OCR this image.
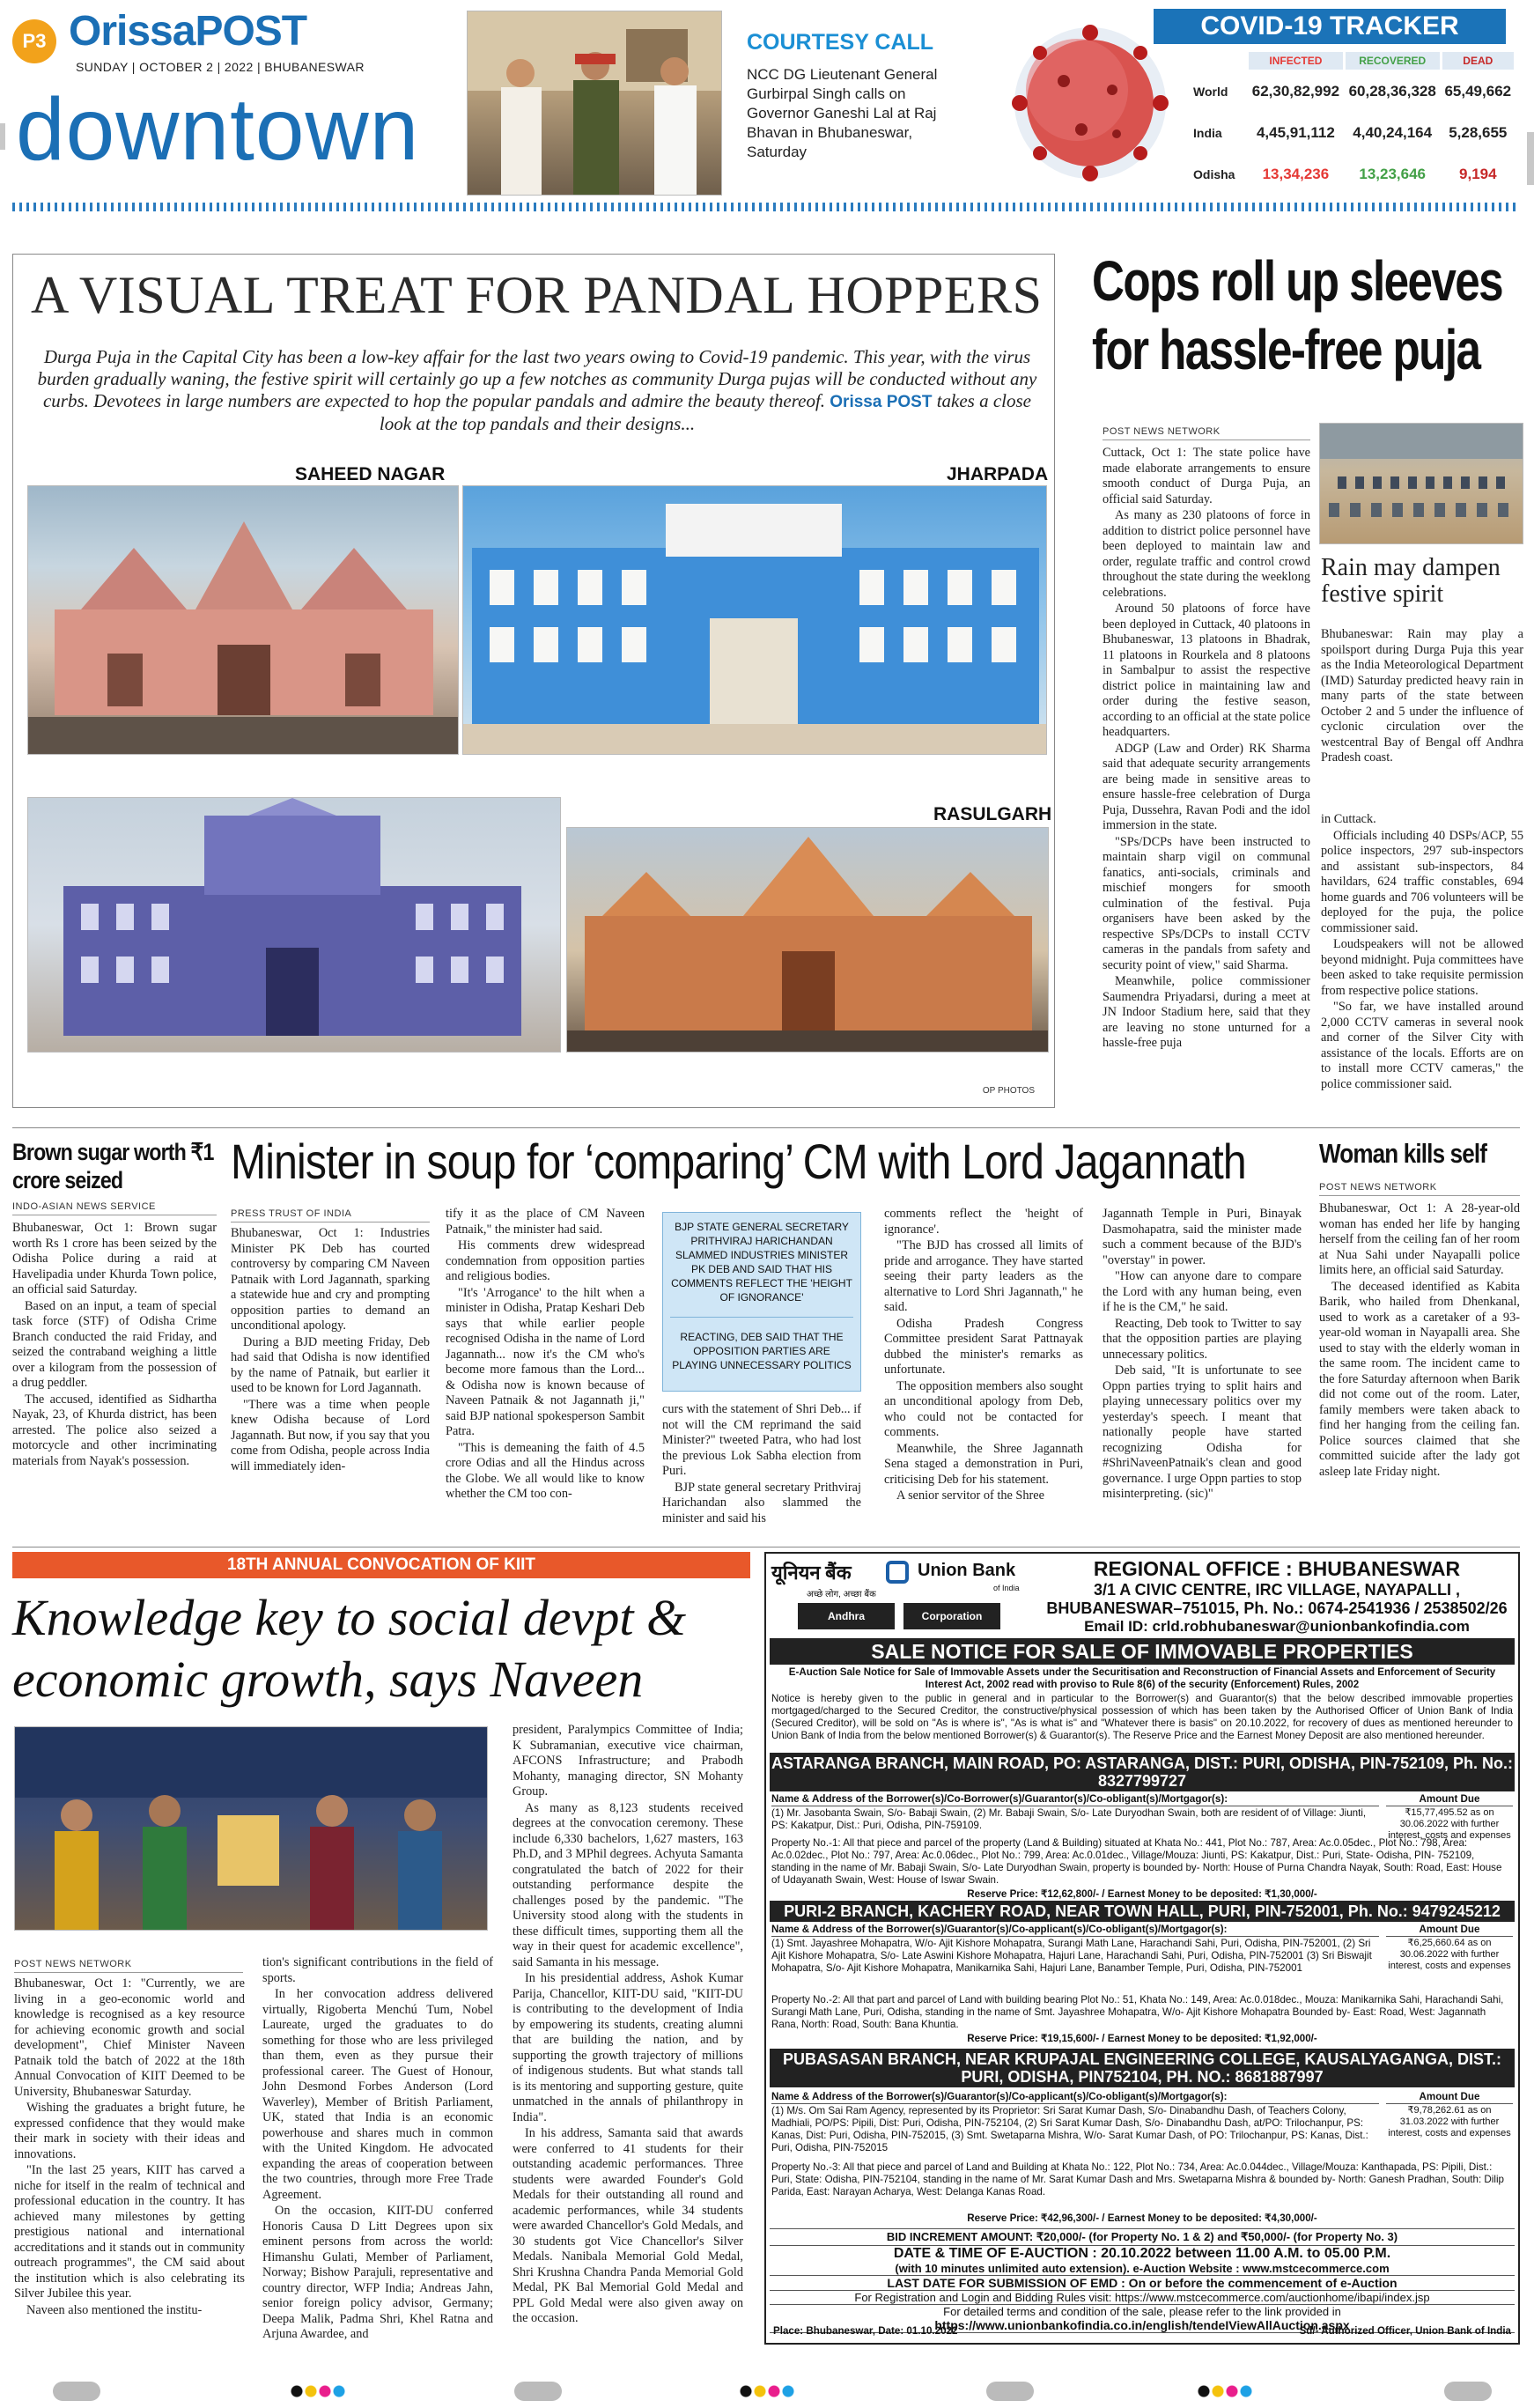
P3 OrissaPOST
SUNDAY | OCTOBER 2 | 2022 | BHUBANESWAR
downtown
COURTESY CALL
NCC DG Lieutenant General Gurbirpal Singh calls on Governor Ganeshi Lal at Raj Bhavan in Bhubaneswar, Saturday
COVID-19 TRACKER
	INFECTED	RECOVERED	DEAD
World	62,30,82,992	60,28,36,328	65,49,662
India	4,45,91,112	4,40,24,164	5,28,655
Odisha	13,34,236	13,23,646	9,194
A VISUAL TREAT FOR PANDAL HOPPERS
Durga Puja in the Capital City has been a low-key affair for the last two years owing to Covid-19 pandemic. This year, with the virus burden gradually waning, the festive spirit will certainly go up a few notches as community Durga pujas will be conducted without any curbs. Devotees in large numbers are expected to hop the popular pandals and admire the beauty thereof. Orissa POST takes a close look at the top pandals and their designs...
SAHEED NAGAR	JHARPADA
RASULGARH
OP PHOTOS
Cops roll up sleeves for hassle-free puja
POST NEWS NETWORK

Cuttack, Oct 1: The state police have made elaborate arrangements to ensure smooth conduct of Durga Puja, an official said Saturday.

As many as 230 platoons of force in addition to district police personnel have been deployed to maintain law and order, regulate traffic and control crowd throughout the state during the weeklong celebrations.

Around 50 platoons of force have been deployed in Cuttack, 40 platoons in Bhubaneswar, 13 platoons in Bhadrak, 11 platoons in Rourkela and 8 platoons in Sambalpur to assist the respective district police in maintaining law and order during the festive season, according to an official at the state police headquarters.

ADGP (Law and Order) RK Sharma said that adequate security arrangements are being made in sensitive areas to ensure hassle-free celebration of Durga Puja, Dussehra, Ravan Podi and the idol immersion in the state.

"SPs/DCPs have been instructed to maintain sharp vigil on communal fanatics, anti-socials, criminals and mischief mongers for smooth culmination of the festival. Puja organisers have been asked by the respective SPs/DCPs to install CCTV cameras in the pandals from safety and security point of view," said Sharma.

Meanwhile, police commissioner Saumendra Priyadarsi, during a meet at JN Indoor Stadium here, said that they are leaving no stone unturned for a hassle-free puja

Rain may dampen festive spirit
Bhubaneswar: Rain may play a spoilsport during Durga Puja this year as the India Meteorological Department (IMD) Saturday predicted heavy rain in many parts of the state between October 2 and 5 under the influence of cyclonic circulation over the westcentral Bay of Bengal off Andhra Pradesh coast.

in Cuttack.

Officials including 40 DSPs/ACP, 55 police inspectors, 297 sub-inspectors and assistant sub-inspectors, 84 havildars, 624 traffic constables, 694 home guards and 706 volunteers will be deployed for the puja, the police commissioner said.

Loudspeakers will not be allowed beyond midnight. Puja committees have been asked to take requisite permission from respective police stations.

"So far, we have installed around 2,000 CCTV cameras in several nook and corner of the Silver City with assistance of the locals. Efforts are on to install more CCTV cameras," the police commissioner said.

Brown sugar worth ₹1 crore seized
INDO-ASIAN NEWS SERVICE

Bhubaneswar, Oct 1: Brown sugar worth Rs 1 crore has been seized by the Odisha Police during a raid at Havelipadia under Khurda Town police, an official said Saturday.

Based on an input, a team of special task force (STF) of Odisha Crime Branch conducted the raid Friday, and seized the contraband weighing a little over a kilogram from the possession of a drug peddler.

The accused, identified as Sidhartha Nayak, 23, of Khurda district, has been arrested. The police also seized a motorcycle and other incriminating materials from Nayak's possession.

Minister in soup for ‘comparing’ CM with Lord Jagannath
PRESS TRUST OF INDIA

Bhubaneswar, Oct 1: Industries Minister PK Deb has courted controversy by comparing CM Naveen Patnaik with Lord Jagannath, sparking a statewide hue and cry and prompting opposition parties to demand an unconditional apology.

During a BJD meeting Friday, Deb had said that Odisha is now identified by the name of Patnaik, but earlier it used to be known for Lord Jagannath.

"There was a time when people knew Odisha because of Lord Jagannath. But now, if you say that you come from Odisha, people across India will immediately iden-

tify it as the place of CM Naveen Patnaik," the minister had said.

His comments drew widespread condemnation from opposition parties and religious bodies.

"It's 'Arrogance' to the hilt when a minister in Odisha, Pratap Keshari Deb says that while earlier people recognised Odisha in the name of Lord Jagannath... now it's the CM who's become more famous than the Lord... & Odisha now is known because of Naveen Patnaik & not Jagannath ji," said BJP national spokesperson Sambit Patra.

"This is demeaning the faith of 4.5 crore Odias and all the Hindus across the Globe. We all would like to know whether the CM too con-

BJP STATE GENERAL SECRETARY PRITHVIRAJ HARICHANDAN SLAMMED INDUSTRIES MINISTER PK DEB AND SAID THAT HIS COMMENTS REFLECT THE 'HEIGHT OF IGNORANCE'
REACTING, DEB SAID THAT THE OPPOSITION PARTIES ARE PLAYING UNNECESSARY POLITICS

curs with the statement of Shri Deb... if not will the CM reprimand the said Minister?" tweeted Patra, who had lost the previous Lok Sabha election from Puri.

BJP state general secretary Prithviraj Harichandan also slammed the minister and said his

comments reflect the 'height of ignorance'.

"The BJD has crossed all limits of pride and arrogance. They have started seeing their party leaders as the alternative to Lord Shri Jagannath," he said.

Odisha Pradesh Congress Committee president Sarat Pattnayak dubbed the minister's remarks as unfortunate.

The opposition members also sought an unconditional apology from Deb, who could not be contacted for comments.

Meanwhile, the Shree Jagannath Sena staged a demonstration in Puri, criticising Deb for his statement.

A senior servitor of the Shree

Jagannath Temple in Puri, Binayak Dasmohapatra, said the minister made such a comment because of the BJD's "overstay" in power.

"How can anyone dare to compare the Lord with any human being, even if he is the CM," he said.

Reacting, Deb took to Twitter to say that the opposition parties are playing unnecessary politics.

Deb said, "It is unfortunate to see Oppn parties trying to split hairs and playing unnecessary politics over my yesterday's speech. I meant that nationally people have started recognizing Odisha for #ShriNaveenPatnaik's clean and good governance. I urge Oppn parties to stop misinterpreting. (sic)"

Woman kills self
POST NEWS NETWORK

Bhubaneswar, Oct 1: A 28-year-old woman has ended her life by hanging herself from the ceiling fan of her room at Nua Sahi under Nayapalli police limits here, an official said Saturday.

The deceased identified as Kabita Barik, who hailed from Dhenkanal, used to work as a caretaker of a 93-year-old woman in Nayapalli area. She used to stay with the elderly woman in the same room. The incident came to the fore Saturday afternoon when Barik did not come out of the room. Later, family members were taken aback to find her hanging from the ceiling fan. Police sources claimed that she committed suicide after the lady got asleep late Friday night.

18TH ANNUAL CONVOCATION OF KIIT
Knowledge key to social devpt & economic growth, says Naveen
POST NEWS NETWORK

Bhubaneswar, Oct 1: "Currently, we are living in a geo-economic world and knowledge is recognised as a key resource for achieving economic growth and social development", Chief Minister Naveen Patnaik told the batch of 2022 at the 18th Annual Convocation of KIIT Deemed to be University, Bhubaneswar Saturday.

Wishing the graduates a bright future, he expressed confidence that they would make their mark in society with their ideas and innovations.

"In the last 25 years, KIIT has carved a niche for itself in the realm of technical and professional education in the country. It has achieved many milestones by getting prestigious national and international accreditations and it stands out in community outreach programmes", the CM said about the institution which is also celebrating its Silver Jubilee this year.

Naveen also mentioned the institu-

tion's significant contributions in the field of sports.

In her convocation address delivered virtually, Rigoberta Menchú Tum, Nobel Laureate, urged the graduates to do something for those who are less privileged than them, even as they pursue their professional career. The Guest of Honour, John Desmond Forbes Anderson (Lord Waverley), Member of British Parliament, UK, stated that India is an economic powerhouse and shares much in common with the United Kingdom. He advocated expanding the areas of cooperation between the two countries, through more Free Trade Agreement.

On the occasion, KIIT-DU conferred Honoris Causa D Litt Degrees upon six eminent persons from across the world: Himanshu Gulati, Member of Parliament, Norway; Bishow Parajuli, representative and country director, WFP India; Andreas Jahn, senior foreign policy advisor, Germany; Deepa Malik, Padma Shri, Khel Ratna and Arjuna Awardee, and

president, Paralympics Committee of India; K Subramanian, executive vice chairman, AFCONS Infrastructure; and Prabodh Mohanty, managing director, SN Mohanty Group.

As many as 8,123 students received degrees at the convocation ceremony. These include 6,330 bachelors, 1,627 masters, 163 Ph.D, and 3 MPhil degrees. Achyuta Samanta congratulated the batch of 2022 for their outstanding performance despite the challenges posed by the pandemic. "The University stood along with the students in these difficult times, supporting them all the way in their quest for academic excellence", said Samanta in his message.

In his presidential address, Ashok Kumar Parija, Chancellor, KIIT-DU said, "KIIT-DU is contributing to the development of India by empowering its students, creating alumni that are building the nation, and by supporting the growth trajectory of millions of indigenous students. But what stands tall is its mentoring and supporting gesture, quite unmatched in the annals of philanthropy in India".

In his address, Samanta said that awards were conferred to 41 students for their outstanding academic performances. Three students were awarded Founder's Gold Medals for their outstanding all round and academic performances, while 34 students were awarded Chancellor's Gold Medals, and 30 students got Vice Chancellor's Silver Medals. Nanibala Memorial Gold Medal, Shri Krushna Chandra Panda Memorial Gold Medal, PK Bal Memorial Gold Medal and PPL Gold Medal were also given away on the occasion.

यूनियन बैंक	Union Bank
of India
अच्छे लोग, अच्छा बैंक
Andhra	Corporation
REGIONAL OFFICE : BHUBANESWAR
3/1 A CIVIC CENTRE, IRC VILLAGE, NAYAPALLI ,
BHUBANESWAR–751015, Ph. No.: 0674-2541936 / 2538502/26
Email ID: crld.robhubaneswar@unionbankofindia.com
SALE NOTICE FOR SALE OF IMMOVABLE PROPERTIES
E-Auction Sale Notice for Sale of Immovable Assets under the Securitisation and Reconstruction of Financial Assets and Enforcement of Security Interest Act, 2002 read with proviso to Rule 8(6) of the security (Enforcement) Rules, 2002
Notice is hereby given to the public in general and in particular to the Borrower(s) and Guarantor(s) that the below described immovable properties mortgaged/charged to the Secured Creditor, the constructive/physical possession of which has been taken by the Authorised Officer of Union Bank of India (Secured Creditor), will be sold on "As is where is", "As is what is" and "Whatever there is basis" on 20.10.2022, for recovery of dues as mentioned hereunder to Union Bank of India from the below mentioned Borrower(s) & Guarantor(s). The Reserve Price and the Earnest Money Deposit are also mentioned hereunder.
ASTARANGA BRANCH, MAIN ROAD, PO: ASTARANGA, DIST.: PURI, ODISHA, PIN-752109, Ph. No.: 8327799727
Name & Address of the Borrower(s)/Co-Borrower(s)/Guarantor(s)/Co-obligant(s)/Mortgagor(s):	Amount Due
(1) Mr. Jasobanta Swain, S/o- Babaji Swain, (2) Mr. Babaji Swain, S/o- Late Duryodhan Swain, both are resident of of Village: Jiunti, PS: Kakatpur, Dist.: Puri, Odisha, PIN-759109.
₹15,77,495.52 as on 30.06.2022 with further interest, costs and expenses
Property No.-1: All that piece and parcel of the property (Land & Building) situated at Khata No.: 441, Plot No.: 787, Area: Ac.0.05dec., Plot No.: 798, Area: Ac.0.02dec., Plot No.: 797, Area: Ac.0.06dec., Plot No.: 799, Area: Ac.0.01dec., Village/Mouza: Jiunti, PS: Kakatpur, Dist.: Puri, State- Odisha, PIN- 752109, standing in the name of Mr. Babaji Swain, S/o- Late Duryodhan Swain, property is bounded by- North: House of Purna Chandra Nayak, South: Road, East: House of Udayanath Swain, West: House of Iswar Swain.
Reserve Price: ₹12,62,800/- / Earnest Money to be deposited: ₹1,30,000/-
PURI-2 BRANCH, KACHERY ROAD, NEAR TOWN HALL, PURI, PIN-752001, Ph. No.: 9479245212
Name & Address of the Borrower(s)/Guarantor(s)/Co-applicant(s)/Co-obligant(s)/Mortgagor(s):	Amount Due
(1) Smt. Jayashree Mohapatra, W/o- Ajit Kishore Mohapatra, Surangi Math Lane, Harachandi Sahi, Puri, Odisha, PIN-752001, (2) Sri Ajit Kishore Mohapatra, S/o- Late Aswini Kishore Mohapatra, Hajuri Lane, Harachandi Sahi, Puri, Odisha, PIN-752001 (3) Sri Biswajit Mohapatra, S/o- Ajit Kishore Mohapatra, Manikarnika Sahi, Hajuri Lane, Banamber Temple, Puri, Odisha, PIN-752001
₹6,25,660.64 as on 30.06.2022 with further interest, costs and expenses
Property No.-2: All that part and parcel of Land with building bearing Plot No.: 51, Khata No.: 149, Area: Ac.0.018dec., Mouza: Manikarnika Sahi, Harachandi Sahi, Surangi Math Lane, Puri, Odisha, standing in the name of Smt. Jayashree Mohapatra, W/o- Ajit Kishore Mohapatra Bounded by- East: Road, West: Jagannath Rana, North: Road, South: Bana Khuntia.
Reserve Price: ₹19,15,600/- / Earnest Money to be deposited: ₹1,92,000/-
PUBASASAN BRANCH, NEAR KRUPAJAL ENGINEERING COLLEGE, KAUSALYAGANGA, DIST.: PURI, ODISHA, PIN752104, PH. NO.: 8681887997
Name & Address of the Borrower(s)/Guarantor(s)/Co-applicant(s)/Co-obligant(s)/Mortgagor(s):	Amount Due
(1) M/s. Om Sai Ram Agency, represented by its Proprietor: Sri Sarat Kumar Dash, S/o- Dinabandhu Dash, of Teachers Colony, Madhiali, PO/PS: Pipili, Dist: Puri, Odisha, PIN-752104, (2) Sri Sarat Kumar Dash, S/o- Dinabandhu Dash, at/PO: Trilochanpur, PS: Kanas, Dist: Puri, Odisha, PIN-752015, (3) Smt. Swetaparna Mishra, W/o- Sarat Kumar Dash, of PO: Trilochanpur, PS: Kanas, Dist.: Puri, Odisha, PIN-752015
₹9,78,262.61 as on 31.03.2022 with further interest, costs and expenses
Property No.-3: All that piece and parcel of Land and Building at Khata No.: 122, Plot No.: 734, Area: Ac.0.044dec., Village/Mouza: Kanthapada, PS: Pipili, Dist.: Puri, State: Odisha, PIN-752104, standing in the name of Mr. Sarat Kumar Dash and Mrs. Swetaparna Mishra & bounded by- North: Ganesh Pradhan, South: Dilip Parida, East: Narayan Acharya, West: Delanga Kanas Road.
Reserve Price: ₹42,96,300/- / Earnest Money to be deposited: ₹4,30,000/-
BID INCREMENT AMOUNT: ₹20,000/- (for Property No. 1 & 2) and ₹50,000/- (for Property No. 3)
DATE & TIME OF E-AUCTION : 20.10.2022 between 11.00 A.M. to 05.00 P.M.
(with 10 minutes unlimited auto extension). e-Auction Website : www.mstcecommerce.com
LAST DATE FOR SUBMISSION OF EMD : On or before the commencement of e-Auction
For Registration and Login and Bidding Rules visit: https://www.mstcecommerce.com/auctionhome/ibapi/index.jsp
For detailed terms and condition of the sale, please refer to the link provided in
https://www.unionbankofindia.co.in/english/tendeIViewAllAuction.aspx
Place: Bhubaneswar, Date: 01.10.2022	Sd/- Authorized Officer, Union Bank of India
